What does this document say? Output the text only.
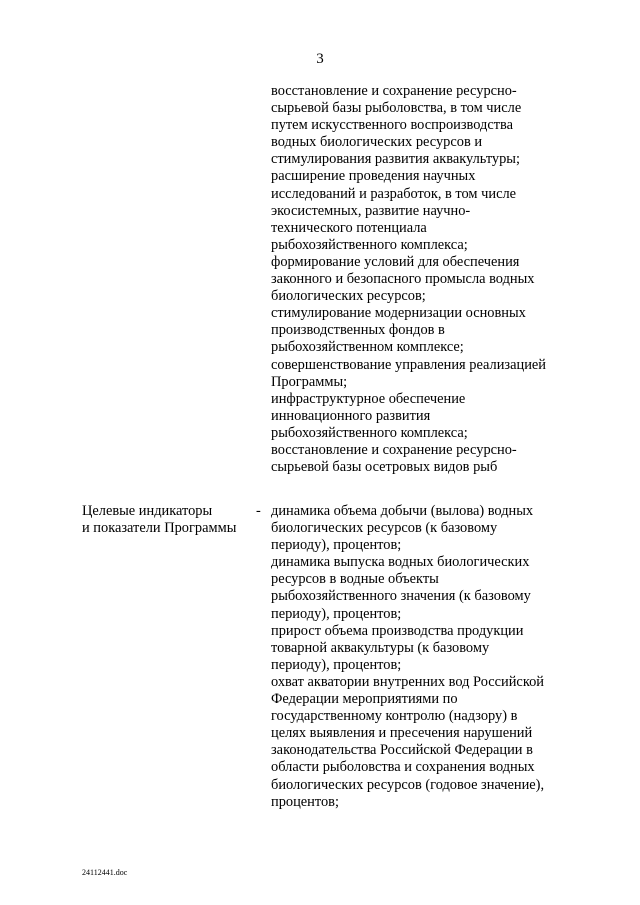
3
восстановление и сохранение ресурсно-
сырьевой базы рыболовства, в том числе
путем искусственного воспроизводства
водных биологических ресурсов и
стимулирования развития аквакультуры;
расширение проведения научных
исследований и разработок, в том числе
экосистемных, развитие научно-
технического потенциала
рыбохозяйственного комплекса;
формирование условий для обеспечения
законного и безопасного промысла водных
биологических ресурсов;
стимулирование модернизации основных
производственных фондов в
рыбохозяйственном комплексе;
совершенствование управления реализацией
Программы;
инфраструктурное обеспечение
инновационного развития
рыбохозяйственного комплекса;
восстановление и сохранение ресурсно-
сырьевой базы осетровых видов рыб
Целевые индикаторы
и показатели Программы
- динамика объема добычи (вылова) водных
биологических ресурсов (к базовому
периоду), процентов;
динамика выпуска водных биологических
ресурсов в водные объекты
рыбохозяйственного значения (к базовому
периоду), процентов;
прирост объема производства продукции
товарной аквакультуры (к базовому
периоду), процентов;
охват акватории внутренних вод Российской
Федерации мероприятиями по
государственному контролю (надзору) в
целях выявления и пресечения нарушений
законодательства Российской Федерации в
области рыболовства и сохранения водных
биологических ресурсов (годовое значение),
процентов;
24112441.doc
